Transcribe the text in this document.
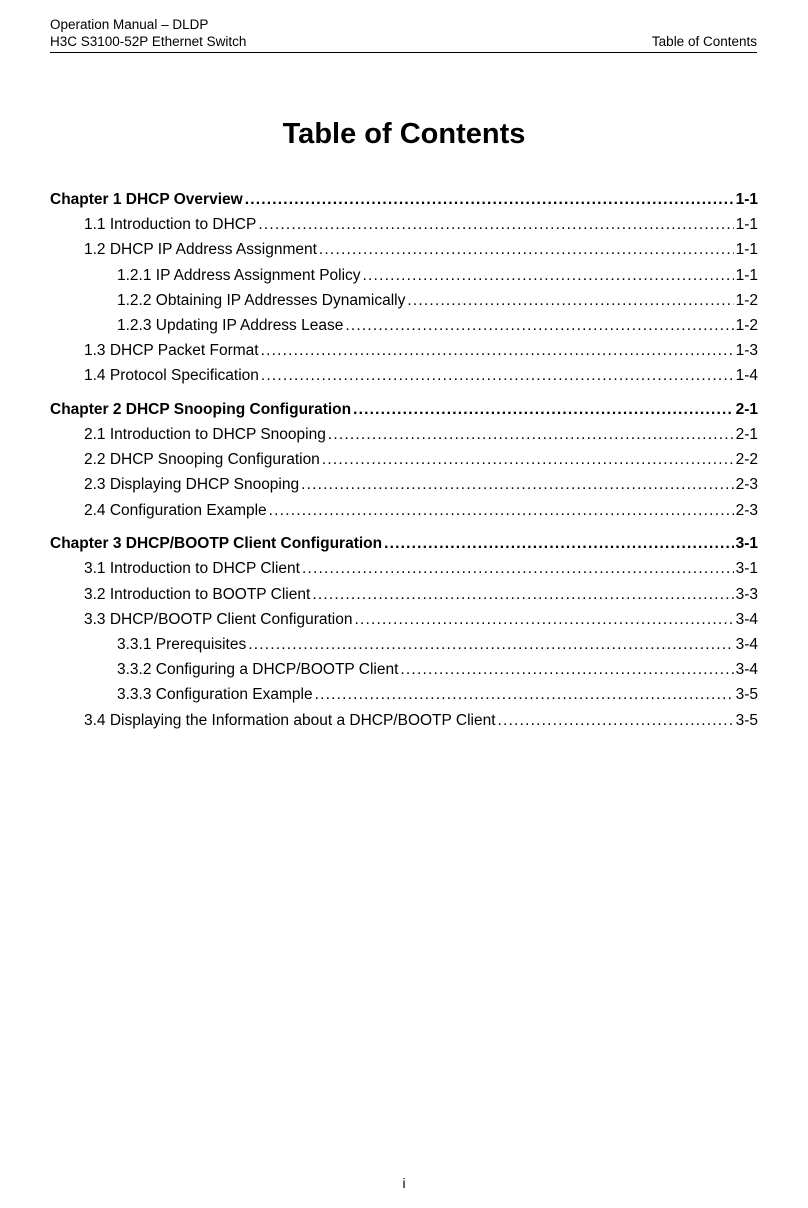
Operation Manual – DLDP
H3C S3100-52P Ethernet Switch	Table of Contents
Table of Contents
Chapter 1 DHCP Overview .....	1-1
1.1 Introduction to DHCP .....	1-1
1.2 DHCP IP Address Assignment .....	1-1
1.2.1 IP Address Assignment Policy .....	1-1
1.2.2 Obtaining IP Addresses Dynamically .....	1-2
1.2.3 Updating IP Address Lease .....	1-2
1.3 DHCP Packet Format .....	1-3
1.4 Protocol Specification .....	1-4
Chapter 2 DHCP Snooping Configuration .....	2-1
2.1 Introduction to DHCP Snooping .....	2-1
2.2 DHCP Snooping Configuration .....	2-2
2.3 Displaying DHCP Snooping .....	2-3
2.4 Configuration Example .....	2-3
Chapter 3 DHCP/BOOTP Client Configuration .....	3-1
3.1 Introduction to DHCP Client .....	3-1
3.2 Introduction to BOOTP Client .....	3-3
3.3 DHCP/BOOTP Client Configuration .....	3-4
3.3.1 Prerequisites .....	3-4
3.3.2 Configuring a DHCP/BOOTP Client .....	3-4
3.3.3 Configuration Example .....	3-5
3.4 Displaying the Information about a DHCP/BOOTP Client .....	3-5
i
